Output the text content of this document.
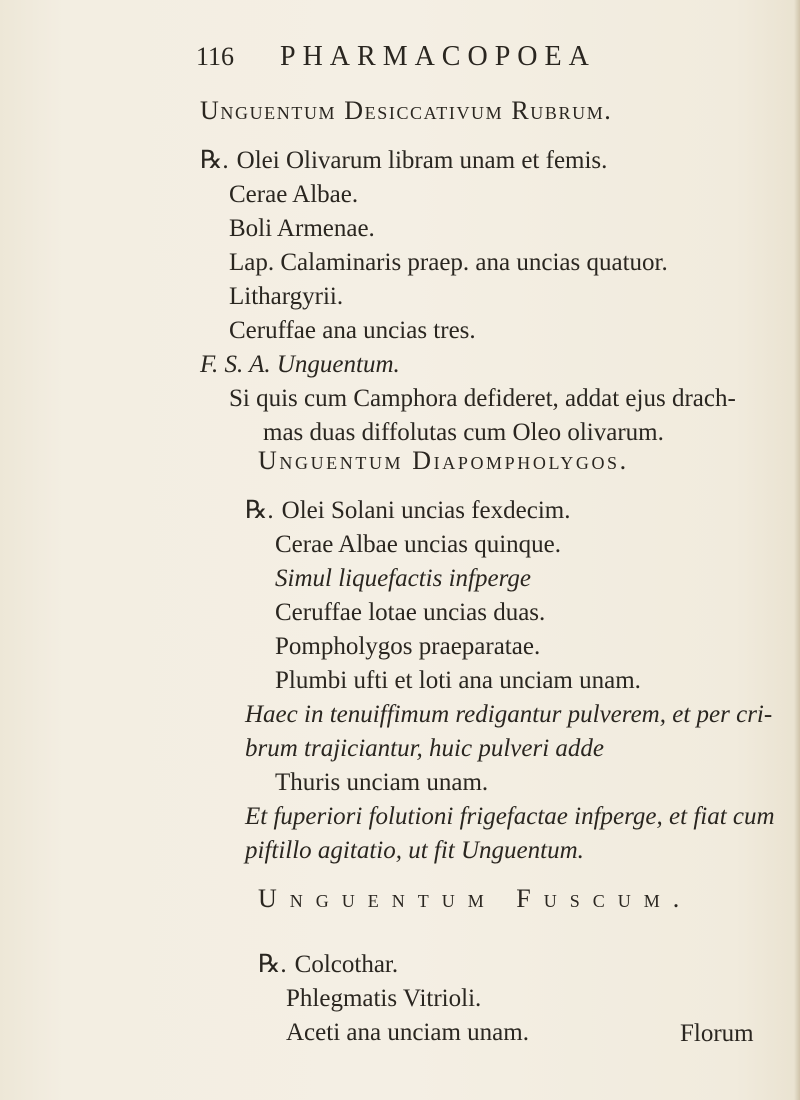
116 PHARMACOPOEA
Unguentum Desiccativum Rubrum.
℞. Olei Olivarum libram unam et femis.
Cerae Albae.
Boli Armenae.
Lap. Calaminaris praep. ana uncias quatuor.
Lithargyrii.
Ceruffae ana uncias tres.
F. S. A. Unguentum.
Si quis cum Camphora defideret, addat ejus drach-
mas duas diffolutas cum Oleo olivarum.
Unguentum Diapompholygos.
℞. Olei Solani uncias fexdecim.
Cerae Albae uncias quinque.
Simul liquefactis infperge
Ceruffae lotae uncias duas.
Pompholygos praeparatae.
Plumbi ufti et loti ana unciam unam.
Haec in tenuiffimum redigantur pulverem, et per cri-
brum trajiciantur, huic pulveri adde
Thuris unciam unam.
Et fuperiori folutioni frigefactae infperge, et fiat cum
Unguentum Fuscum.
℞. Colcothar.
Phlegmatis Vitrioli.
Aceti ana unciam unam.	Florum
piftillo agitatio, ut fit Unguentum.
